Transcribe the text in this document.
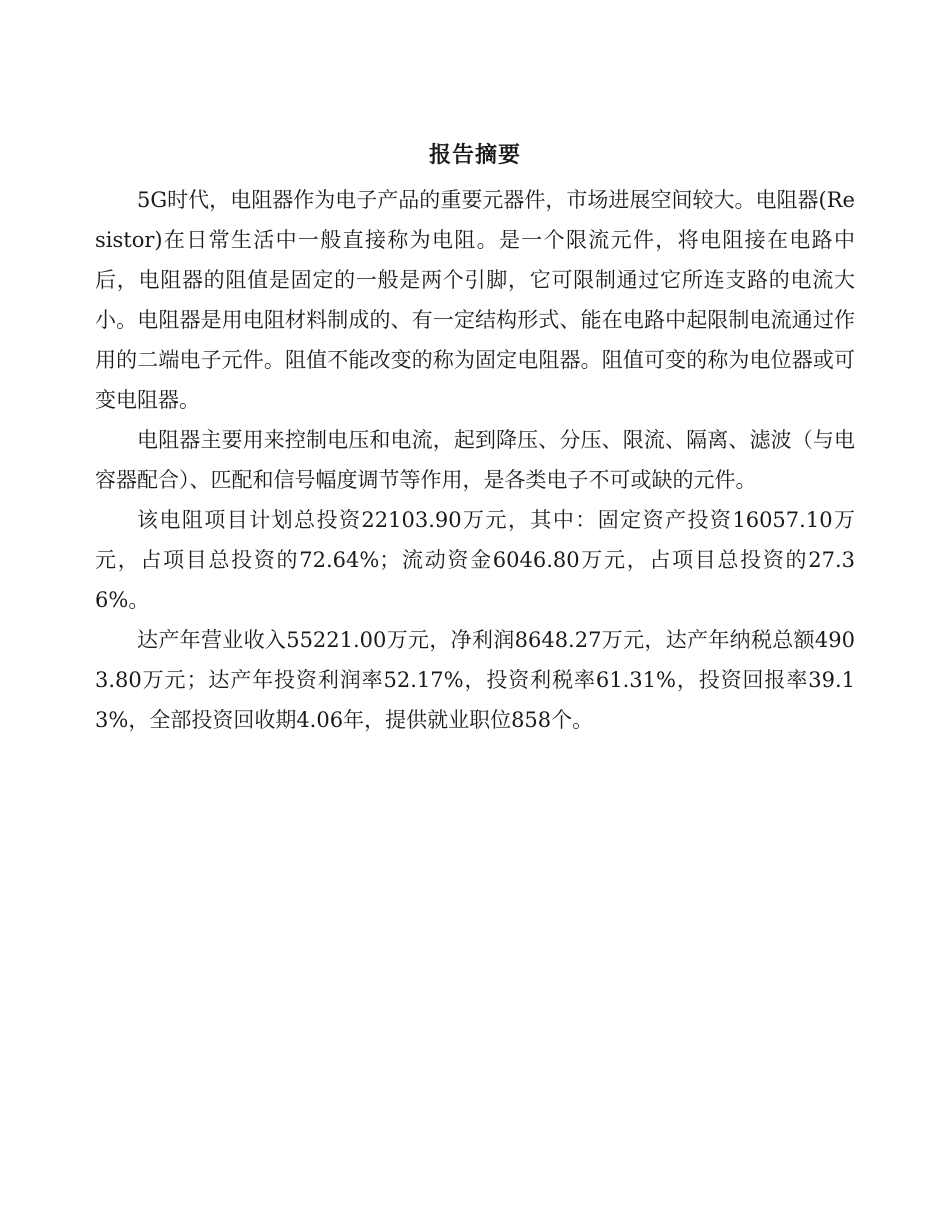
报告摘要

5G时代，电阻器作为电子产品的重要元器件，市场进展空间较大。电阻器(Resistor)在日常生活中一般直接称为电阻。是一个限流元件，将电阻接在电路中后，电阻器的阻值是固定的一般是两个引脚，它可限制通过它所连支路的电流大小。电阻器是用电阻材料制成的、有一定结构形式、能在电路中起限制电流通过作用的二端电子元件。阻值不能改变的称为固定电阻器。阻值可变的称为电位器或可变电阻器。

电阻器主要用来控制电压和电流，起到降压、分压、限流、隔离、滤波（与电容器配合）、匹配和信号幅度调节等作用，是各类电子不可或缺的元件。

该电阻项目计划总投资22103.90万元，其中：固定资产投资16057.10万元，占项目总投资的72.64%；流动资金6046.80万元，占项目总投资的27.36%。

达产年营业收入55221.00万元，净利润8648.27万元，达产年纳税总额4903.80万元；达产年投资利润率52.17%，投资利税率61.31%，投资回报率39.13%，全部投资回收期4.06年，提供就业职位858个。
